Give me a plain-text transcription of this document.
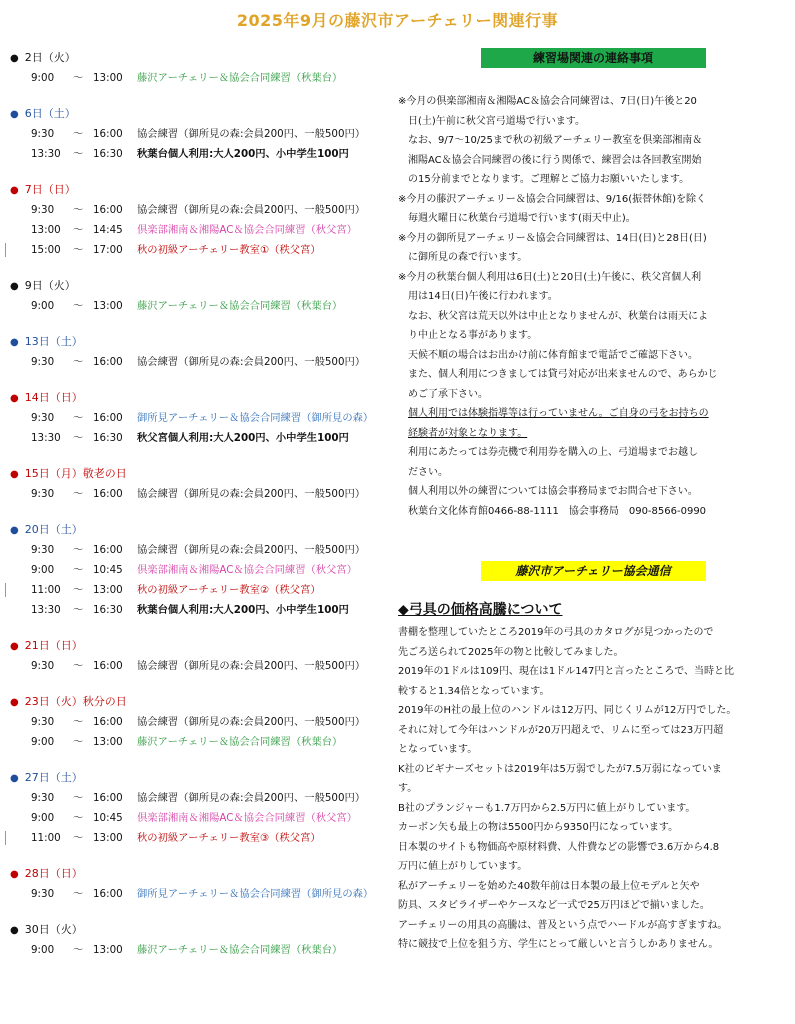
2025年9月の藤沢市アーチェリー関連行事
● 2日（火）
9:00 ～ 13:00 藤沢アーチェリー＆協会合同練習（秋葉台）
● 6日（土）
9:30 ～ 16:00 協会練習（御所見の森:会員200円、一般500円）
13:30 ～ 16:30 秋葉台個人利用:大人200円、小中学生100円
● 7日（日）
9:30 ～ 16:00 協会練習（御所見の森:会員200円、一般500円）
13:00 ～ 14:45 倶楽部湘南＆湘陽AC＆協会合同練習（秋父宮）
15:00 ～ 17:00 秋の初級アーチェリー教室①（秩父宮）
● 9日（火）
9:00 ～ 13:00 藤沢アーチェリー＆協会合同練習（秋葉台）
● 13日（土）
9:30 ～ 16:00 協会練習（御所見の森:会員200円、一般500円）
● 14日（日）
9:30 ～ 16:00 御所見アーチェリー＆協会合同練習（御所見の森）
13:30 ～ 16:30 秋父宮個人利用:大人200円、小中学生100円
● 15日（月）敬老の日
9:30 ～ 16:00 協会練習（御所見の森:会員200円、一般500円）
● 20日（土）
9:30 ～ 16:00 協会練習（御所見の森:会員200円、一般500円）
9:00 ～ 10:45 倶楽部湘南＆湘陽AC＆協会合同練習（秋父宮）
11:00 ～ 13:00 秋の初級アーチェリー教室②（秩父宮）
13:30 ～ 16:30 秋葉台個人利用:大人200円、小中学生100円
● 21日（日）
9:30 ～ 16:00 協会練習（御所見の森:会員200円、一般500円）
● 23日（火）秋分の日
9:30 ～ 16:00 協会練習（御所見の森:会員200円、一般500円）
9:00 ～ 13:00 藤沢アーチェリー＆協会合同練習（秋葉台）
● 27日（土）
9:30 ～ 16:00 協会練習（御所見の森:会員200円、一般500円）
9:00 ～ 10:45 倶楽部湘南＆湘陽AC＆協会合同練習（秋父宮）
11:00 ～ 13:00 秋の初級アーチェリー教室③（秩父宮）
● 28日（日）
9:30 ～ 16:00 御所見アーチェリー＆協会合同練習（御所見の森）
● 30日（火）
9:00 ～ 13:00 藤沢アーチェリー＆協会合同練習（秋葉台）
練習場関連の連絡事項
※今月の倶楽部湘南＆湘陽AC＆協会合同練習は、7日(日)午後と20
日(土)午前に秋父宮弓道場で行います。
なお、9/7～10/25まで秋の初級アーチェリー教室を倶楽部湘南＆
湘陽AC＆協会合同練習の後に行う関係で、練習会は各回教室開始
の15分前までとなります。ご理解とご協力お願いいたします。
※今月の藤沢アーチェリー＆協会合同練習は、9/16(振替休館)を除く
毎週火曜日に秋葉台弓道場で行います(雨天中止)。
※今月の御所見アーチェリー＆協会合同練習は、14日(日)と28日(日)
に御所見の森で行います。
※今月の秋葉台個人利用は6日(土)と20日(土)午後に、秩父宮個人利
用は14日(日)午後に行われます。
なお、秋父宮は荒天以外は中止となりませんが、秋葉台は雨天によ
り中止となる事があります。
天候不順の場合はお出かけ前に体育館まで電話でご確認下さい。
また、個人利用につきましては貸弓対応が出来ませんので、あらかじ
めご了承下さい。
個人利用では体験指導等は行っていません。ご自身の弓をお持ちの
経験者が対象となります。
利用にあたっては券売機で利用券を購入の上、弓道場までお越し
ださい。
個人利用以外の練習については協会事務局までお問合せ下さい。
秋葉台文化体育館0466-88-1111　協会事務局　090-8566-0990
藤沢市アーチェリー協会通信
◆弓具の価格高騰について
書棚を整理していたところ2019年の弓具のカタログが見つかったので
先ごろ送られて2025年の物と比較してみました。
2019年の1ドルは109円、現在は1ドル147円と言ったところで、当時と比
較すると1.34倍となっています。
2019年のH社の最上位のハンドルは12万円、同じくリムが12万円でした。
それに対して今年はハンドルが20万円超えで、リムに至っては23万円超
となっています。
K社のビギナーズセットは2019年は5万弱でしたが7.5万弱になっていま
す。
B社のプランジャーも1.7万円から2.5万円に値上がりしています。
カーボン矢も最上の物は5500円から9350円になっています。
日本製のサイトも物価高や原材料費、人件費などの影響で3.6万から4.8
万円に値上がりしています。
私がアーチェリーを始めた40数年前は日本製の最上位モデルと矢や
防具、スタビライザーやケースなど一式で25万円ほどで揃いました。
アーチェリーの用具の高騰は、普及という点でハードルが高すぎますね。
特に競技で上位を狙う方、学生にとって厳しいと言うしかありません。
